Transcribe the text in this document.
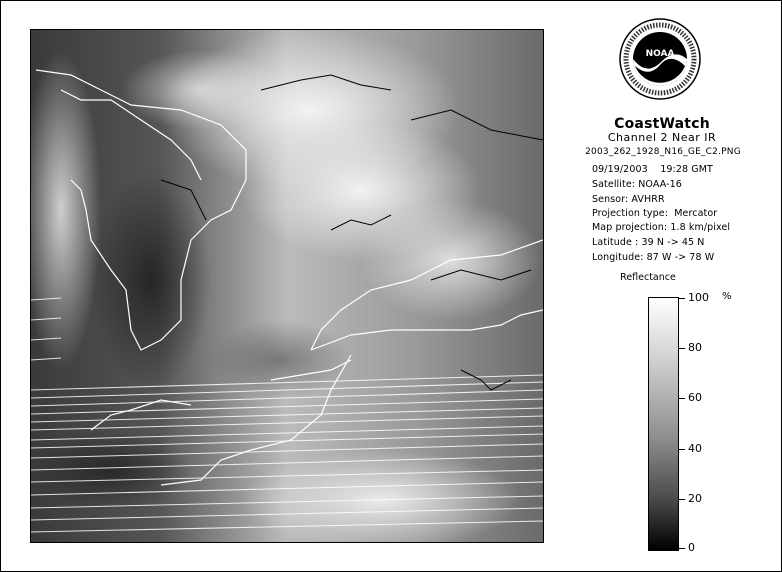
NOAA
CoastWatch
Channel 2 Near IR
2003_262_1928_N16_GE_C2.PNG
09/19/2003    19:28 GMT
Satellite: NOAA-16
Sensor: AVHRR
Projection type:  Mercator
Map projection: 1.8 km/pixel
Latitude : 39 N -> 45 N
Longitude: 87 W -> 78 W
Reflectance
%
100
80
60
40
20
0
